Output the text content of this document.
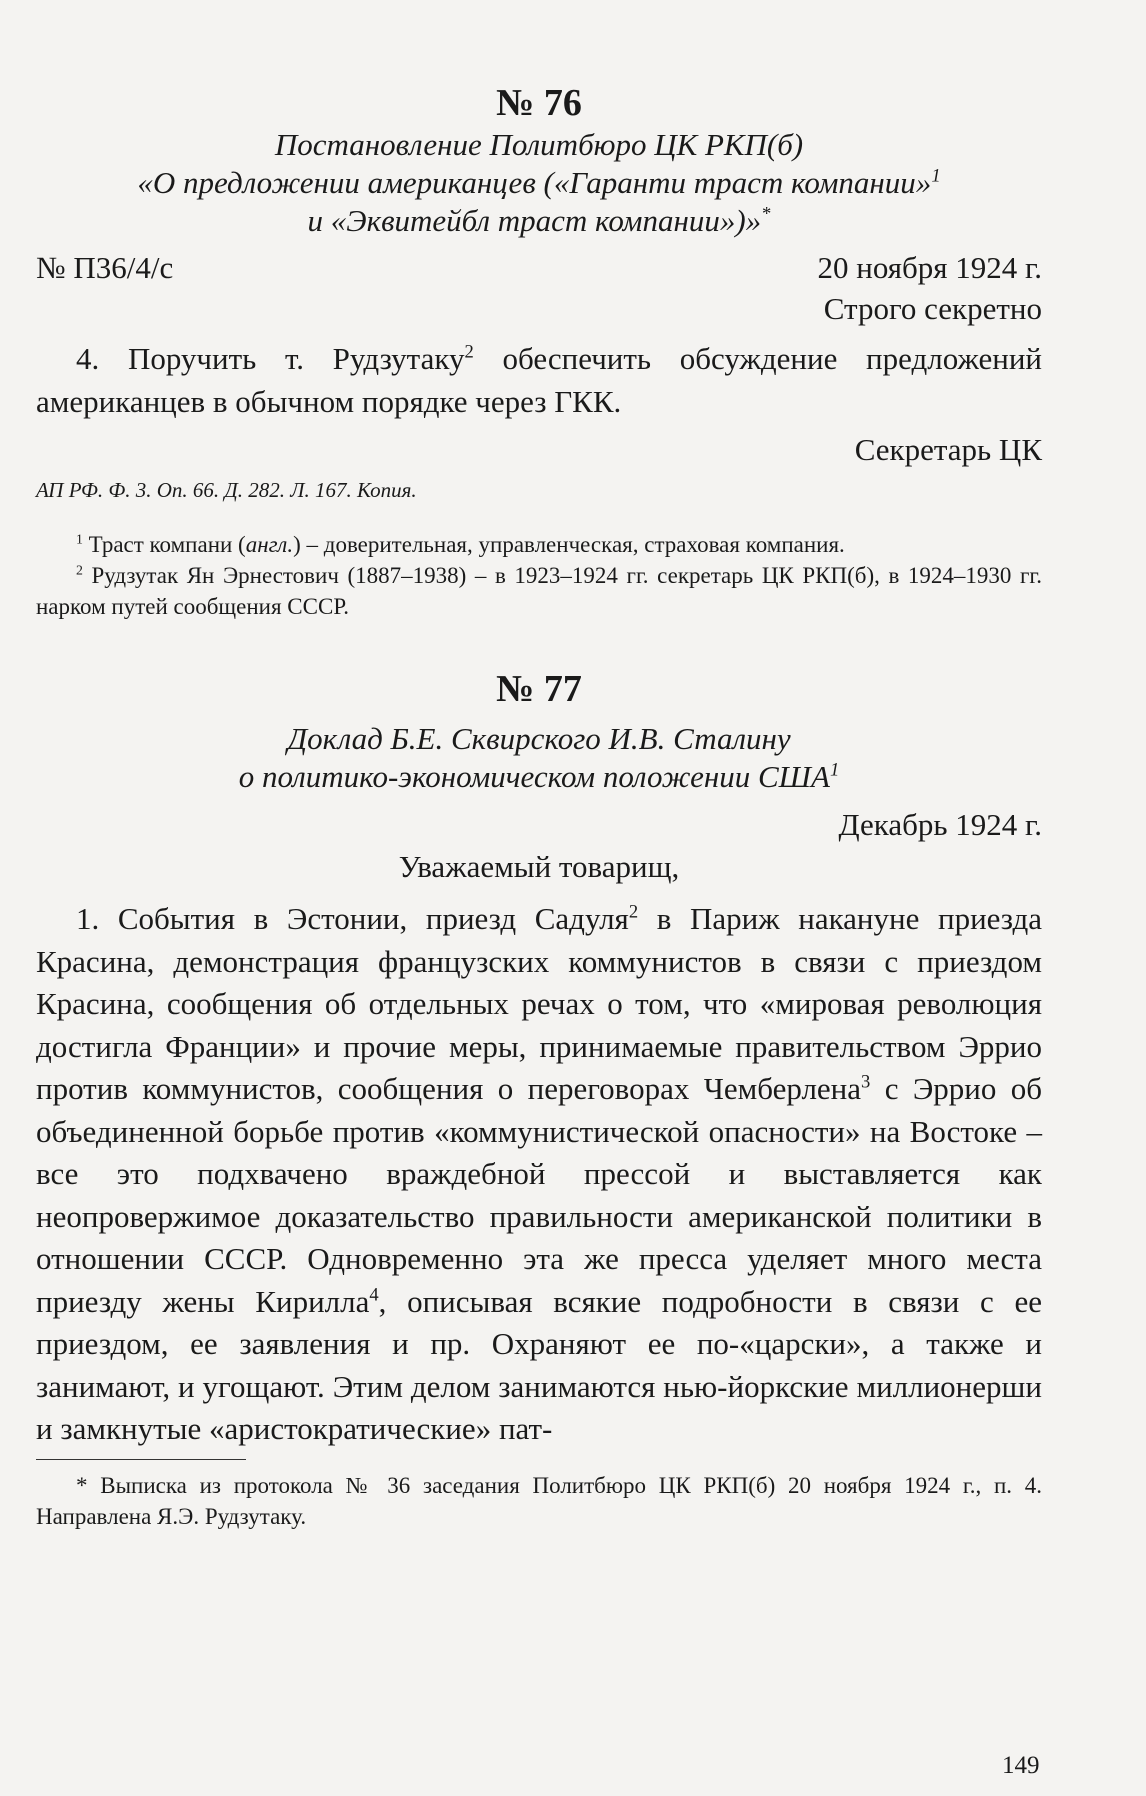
№ 76
Постановление Политбюро ЦК РКП(б)
«О предложении американцев («Гаранти траст компании»$^1$
и «Эквитейбл траст компании»)»*
№ П36/4/с	20 ноября 1924 г.
Строго секретно

4. Поручить т. Рудзутаку$^2$ обеспечить обсуждение предложений американцев в обычном порядке через ГКК.

Секретарь ЦК
АП РФ. Ф. 3. Оп. 66. Д. 282. Л. 167. Копия.

$^1$ Траст компани (англ.) – доверительная, управленческая, страховая компания.

$^2$ Рудзутак Ян Эрнестович (1887–1938) – в 1923–1924 гг. секретарь ЦК РКП(б), в 1924–1930 гг. нарком путей сообщения СССР.

№ 77
Доклад Б.Е. Сквирского И.В. Сталину
о политико-экономическом положении США$^1$
Декабрь 1924 г.
Уважаемый товарищ,

1. События в Эстонии, приезд Садуля$^2$ в Париж накануне приезда Красина, демонстрация французских коммунистов в связи с приездом Красина, сообщения об отдельных речах о том, что «мировая революция достигла Франции» и прочие меры, принимаемые правительством Эррио против коммунистов, сообщения о переговорах Чемберлена$^3$ с Эррио об объединенной борьбе против «коммунистической опасности» на Востоке – все это подхвачено враждебной прессой и выставляется как неопровержимое доказательство правильности американской политики в отношении СССР. Одновременно эта же пресса уделяет много места приезду жены Кирилла$^4$, описывая всякие подробности в связи с ее приездом, ее заявления и пр. Охраняют ее по-«царски», а также и занимают, и угощают. Этим делом занимаются нью-йоркские миллионерши и замкнутые «аристократические» пат-

* Выписка из протокола № 36 заседания Политбюро ЦК РКП(б) 20 ноября 1924 г., п. 4. Направлена Я.Э. Рудзутаку.

149
